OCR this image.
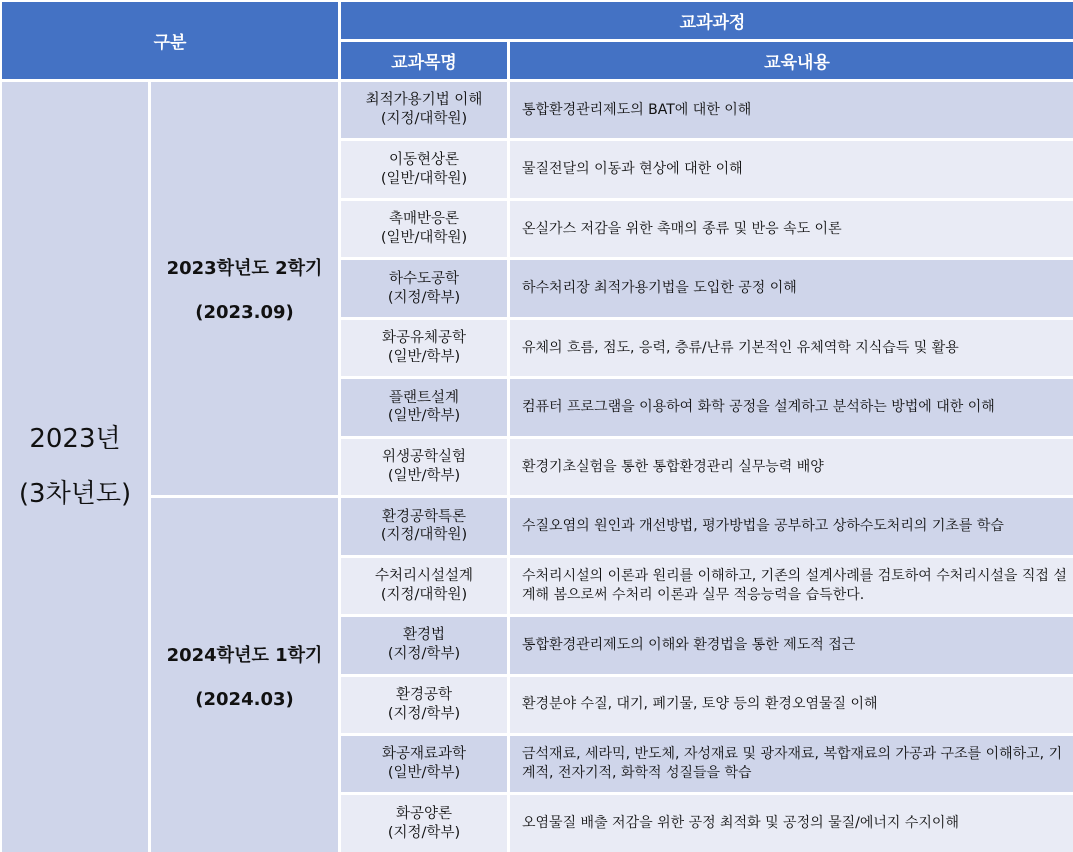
구분
교과과정
교과목명	교육내용
2023년
(3차년도)
2023학년도 2학기
(2023.09)
2024학년도 1학기
(2024.03)
최적가용기법 이해
(지정/대학원)
통합환경관리제도의 BAT에 대한 이해
이동현상론
(일반/대학원)
물질전달의 이동과 현상에 대한 이해
촉매반응론
(일반/대학원)
온실가스 저감을 위한 촉매의 종류 및 반응 속도 이론
하수도공학
(지정/학부)
하수처리장 최적가용기법을 도입한 공정 이해
화공유체공학
(일반/학부)
유체의 흐름, 점도, 응력, 층류/난류 기본적인 유체역학 지식습득 및 활용
플랜트설계
(일반/학부)
컴퓨터 프로그램을 이용하여 화학 공정을 설계하고 분석하는 방법에 대한 이해
위생공학실험
(일반/학부)
환경기초실험을 통한 통합환경관리 실무능력 배양
환경공학특론
(지정/대학원)
수질오염의 원인과 개선방법, 평가방법을 공부하고 상하수도처리의 기초를 학습
수처리시설설계
(지정/대학원)
수처리시설의 이론과 원리를 이해하고, 기존의 설계사례를 검토하여 수처리시설을 직접 설계해 봄으로써 수처리 이론과 실무 적응능력을 습득한다.
환경법
(지정/학부)
통합환경관리제도의 이해와 환경법을 통한 제도적 접근
환경공학
(지정/학부)
환경분야 수질, 대기, 폐기물, 토양 등의 환경오염물질 이해
화공재료과학
(일반/학부)
금석재료, 세라믹, 반도체, 자성재료 및 광자재료, 복합재료의 가공과 구조를 이해하고, 기계적, 전자기적, 화학적 성질들을 학습
화공양론
(지정/학부)
오염물질 배출 저감을 위한 공정 최적화 및 공정의 물질/에너지 수지이해
